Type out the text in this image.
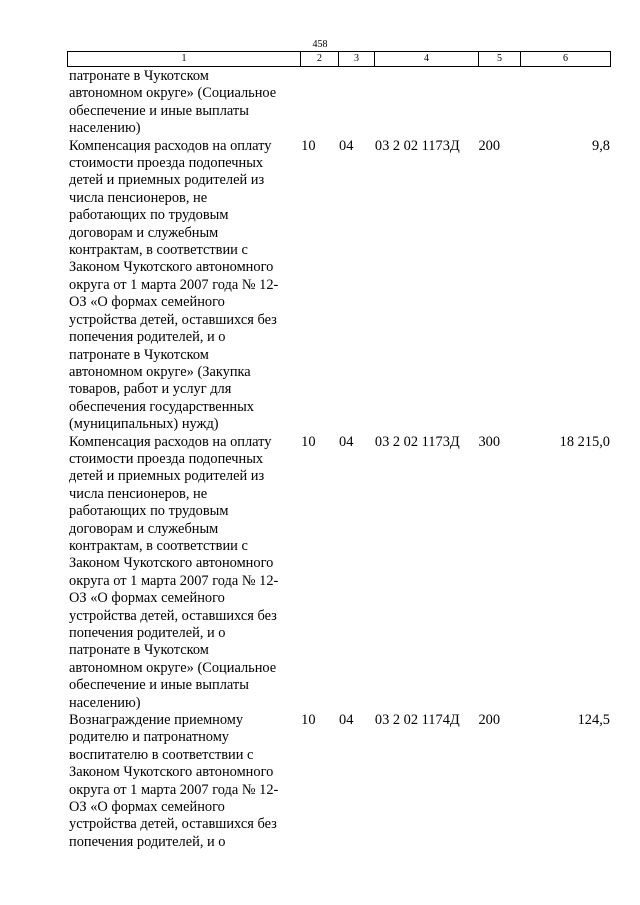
458
1	2	3	4	5	6
патронате в Чукотском
автономном округе» (Социальное
обеспечение и иные выплаты
населению)
Компенсация расходов на оплату
стоимости проезда подопечных
детей и приемных родителей из
числа пенсионеров, не
работающих по трудовым
договорам и служебным
контрактам, в соответствии с
Законом Чукотского автономного
округа от 1 марта 2007 года № 12-
ОЗ «О формах семейного
устройства детей, оставшихся без
попечения родителей, и о
патронате в Чукотском
автономном округе» (Закупка
товаров, работ и услуг для
обеспечения государственных
(муниципальных) нужд)
10	04	03 2 02 1173Д	200	9,8
Компенсация расходов на оплату
стоимости проезда подопечных
детей и приемных родителей из
числа пенсионеров, не
работающих по трудовым
договорам и служебным
контрактам, в соответствии с
Законом Чукотского автономного
округа от 1 марта 2007 года № 12-
ОЗ «О формах семейного
устройства детей, оставшихся без
попечения родителей, и о
патронате в Чукотском
автономном округе» (Социальное
обеспечение и иные выплаты
населению)
10	04	03 2 02 1173Д	300	18 215,0
Вознаграждение приемному
родителю и патронатному
воспитателю в соответствии с
Законом Чукотского автономного
округа от 1 марта 2007 года № 12-
ОЗ «О формах семейного
устройства детей, оставшихся без
попечения родителей, и о
10	04	03 2 02 1174Д	200	124,5
